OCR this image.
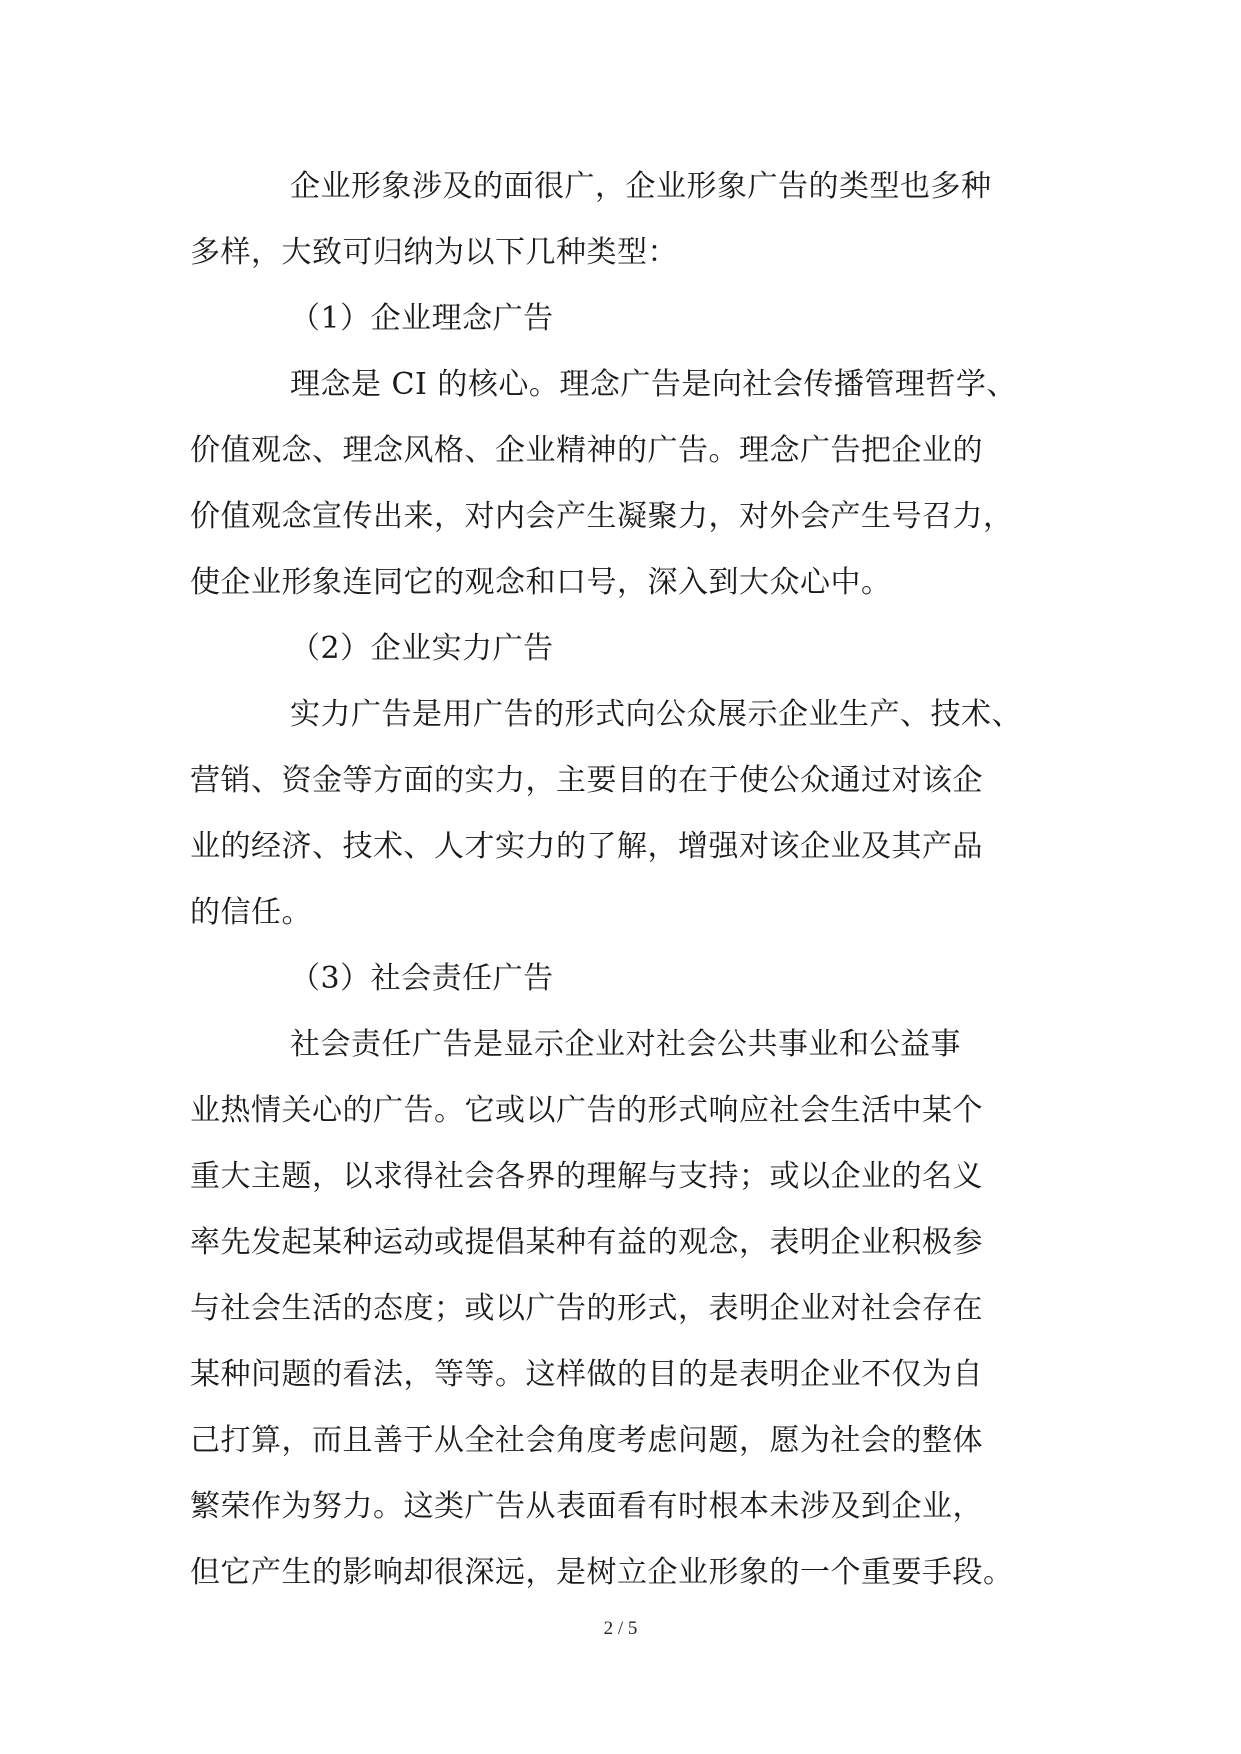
企业形象涉及的面很广，企业形象广告的类型也多种
多样，大致可归纳为以下几种类型：
（1）企业理念广告
理念是 CI 的核心。理念广告是向社会传播管理哲学、
价值观念、理念风格、企业精神的广告。理念广告把企业的
价值观念宣传出来，对内会产生凝聚力，对外会产生号召力，
使企业形象连同它的观念和口号，深入到大众心中。
（2）企业实力广告
实力广告是用广告的形式向公众展示企业生产、技术、
营销、资金等方面的实力，主要目的在于使公众通过对该企
业的经济、技术、人才实力的了解，增强对该企业及其产品
的信任。
（3）社会责任广告
社会责任广告是显示企业对社会公共事业和公益事
业热情关心的广告。它或以广告的形式响应社会生活中某个
重大主题，以求得社会各界的理解与支持；或以企业的名义
率先发起某种运动或提倡某种有益的观念，表明企业积极参
与社会生活的态度；或以广告的形式，表明企业对社会存在
某种问题的看法，等等。这样做的目的是表明企业不仅为自
己打算，而且善于从全社会角度考虑问题，愿为社会的整体
繁荣作为努力。这类广告从表面看有时根本未涉及到企业，
但它产生的影响却很深远，是树立企业形象的一个重要手段。
2 / 5
